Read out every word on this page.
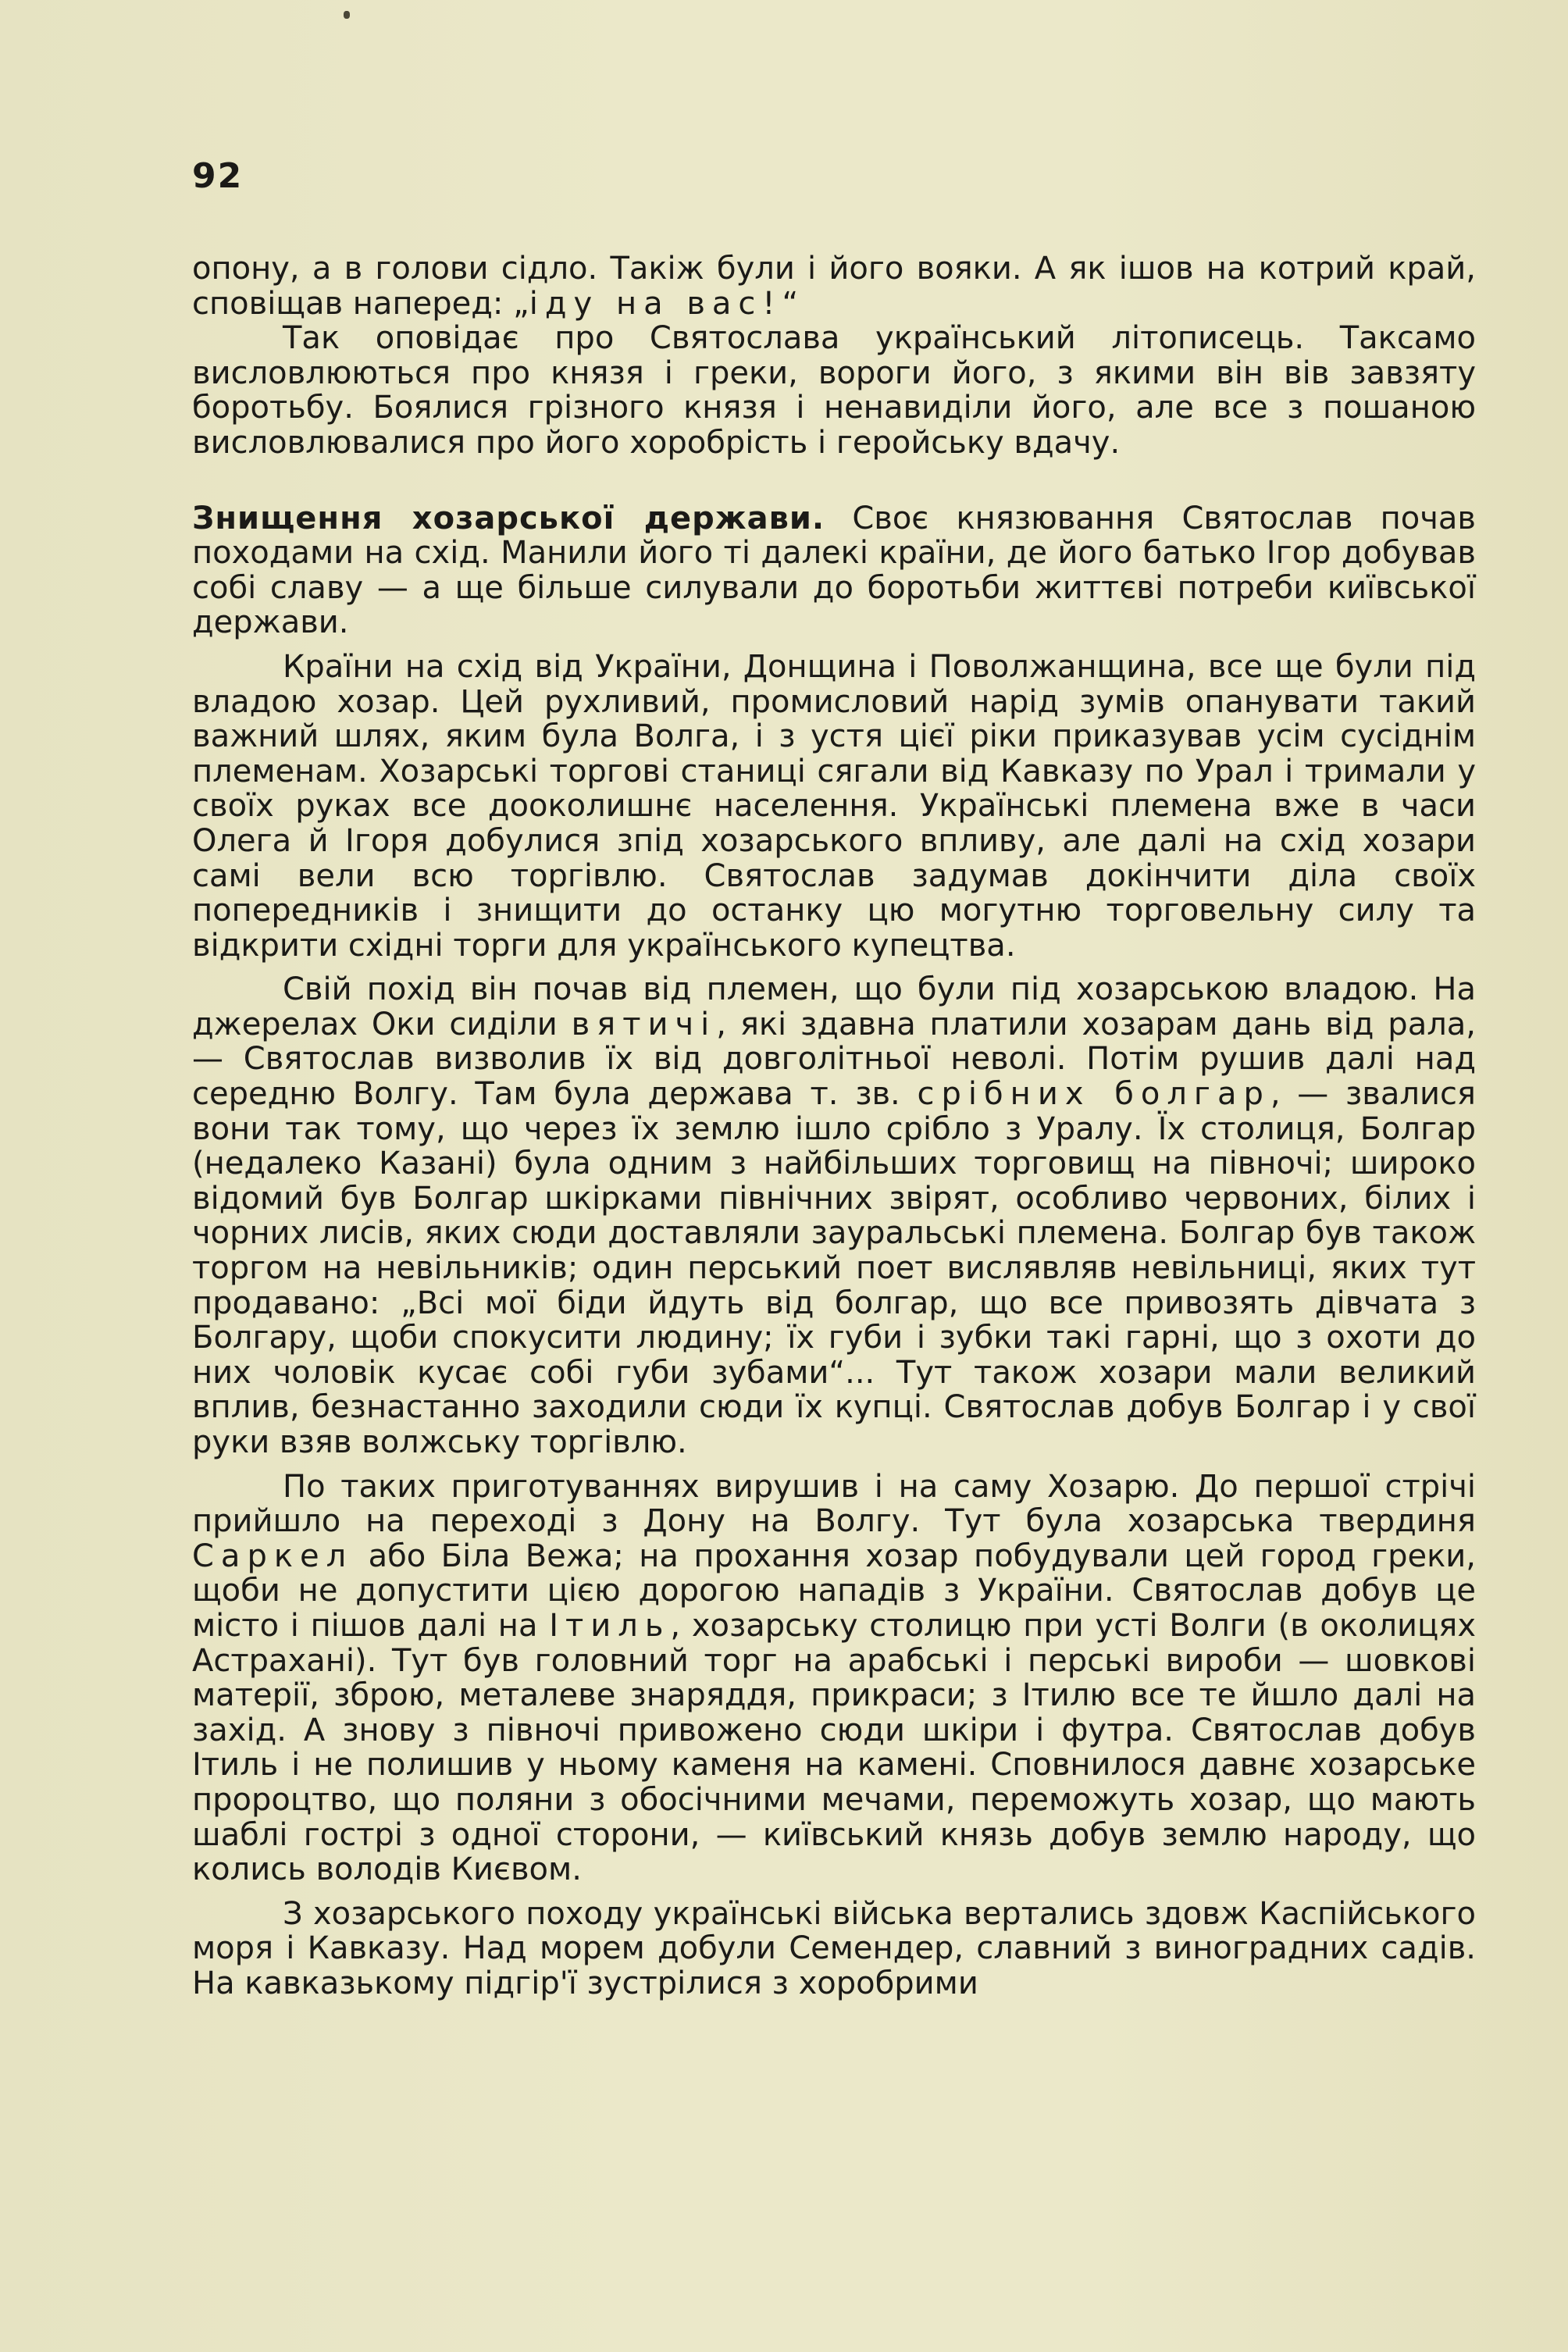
92

опону, а в голови сідло. Такіж були і його вояки. А як ішов на котрий край, сповіщав наперед: „іду на вас!“

Так оповідає про Святослава український літописець. Таксамо висловлюються про князя і греки, вороги його, з якими він вів завзяту боротьбу. Боялися грізного князя і ненавиділи його, але все з пошаною висловлювалися про його хоробрість і геройську вдачу.

Знищення хозарської держави. Своє князювання Святослав почав походами на схід. Манили його ті далекі країни, де його батько Ігор добував собі славу — а ще більше силували до боротьби життєві потреби київської держави.

Країни на схід від України, Донщина і Поволжанщина, все ще були під владою хозар. Цей рухливий, промисловий нарід зумів опанувати такий важний шлях, яким була Волга, і з устя цієї ріки приказував усім сусіднім племенам. Хозарські торгові станиці сягали від Кавказу по Урал і тримали у своїх руках все дооколишнє населення. Українські племена вже в часи Олега й Ігоря добулися зпід хозарського впливу, але далі на схід хозари самі вели всю торгівлю. Святослав задумав докінчити діла своїх попередників і знищити до останку цю могутню торговельну силу та відкрити східні торги для українського купецтва.

Свій похід він почав від племен, що були під хозарською владою. На джерелах Оки сиділи вятичі, які здавна платили хозарам дань від рала, — Святослав визволив їх від довголітньої неволі. Потім рушив далі над середню Волгу. Там була держава т. зв. срібних болгар, — звалися вони так тому, що через їх землю ішло срібло з Уралу. Їх столиця, Болгар (недалеко Казані) була одним з найбільших торговищ на півночі; широко відомий був Болгар шкірками північних звірят, особливо червоних, білих і чорних лисів, яких сюди доставляли зауральські племена. Болгар був також торгом на невільників; один перський поет вислявляв невільниці, яких тут продавано: „Всі мої біди йдуть від болгар, що все привозять дівчата з Болгару, щоби спокусити людину; їх губи і зубки такі гарні, що з охоти до них чоловік кусає собі губи зубами“... Тут також хозари мали великий вплив, безнастанно заходили сюди їх купці. Святослав добув Болгар і у свої руки взяв волжську торгівлю.

По таких приготуваннях вирушив і на саму Хозарю. До першої стрічі прийшло на переході з Дону на Волгу. Тут була хозарська твердиня Саркел або Біла Вежа; на прохання хозар побудували цей город греки, щоби не допустити цією дорогою нападів з України. Святослав добув це місто і пішов далі на Ітиль, хозарську столицю при усті Волги (в околицях Астрахані). Тут був головний торг на арабські і перські вироби — шовкові матерії, зброю, металеве знаряддя, прикраси; з Ітилю все те йшло далі на захід. А знову з півночі привожено сюди шкіри і футра. Святослав добув Ітиль і не полишив у ньому каменя на камені. Сповнилося давнє хозарське пророцтво, що поляни з обосічними мечами, переможуть хозар, що мають шаблі гострі з одної сторони, — київський князь добув землю народу, що колись володів Києвом.

З хозарського походу українські війська вертались здовж Каспійського моря і Кавказу. Над морем добули Семендер, славний з виноградних садів. На кавказькому підгір'ї зустрілися з хоробрими
